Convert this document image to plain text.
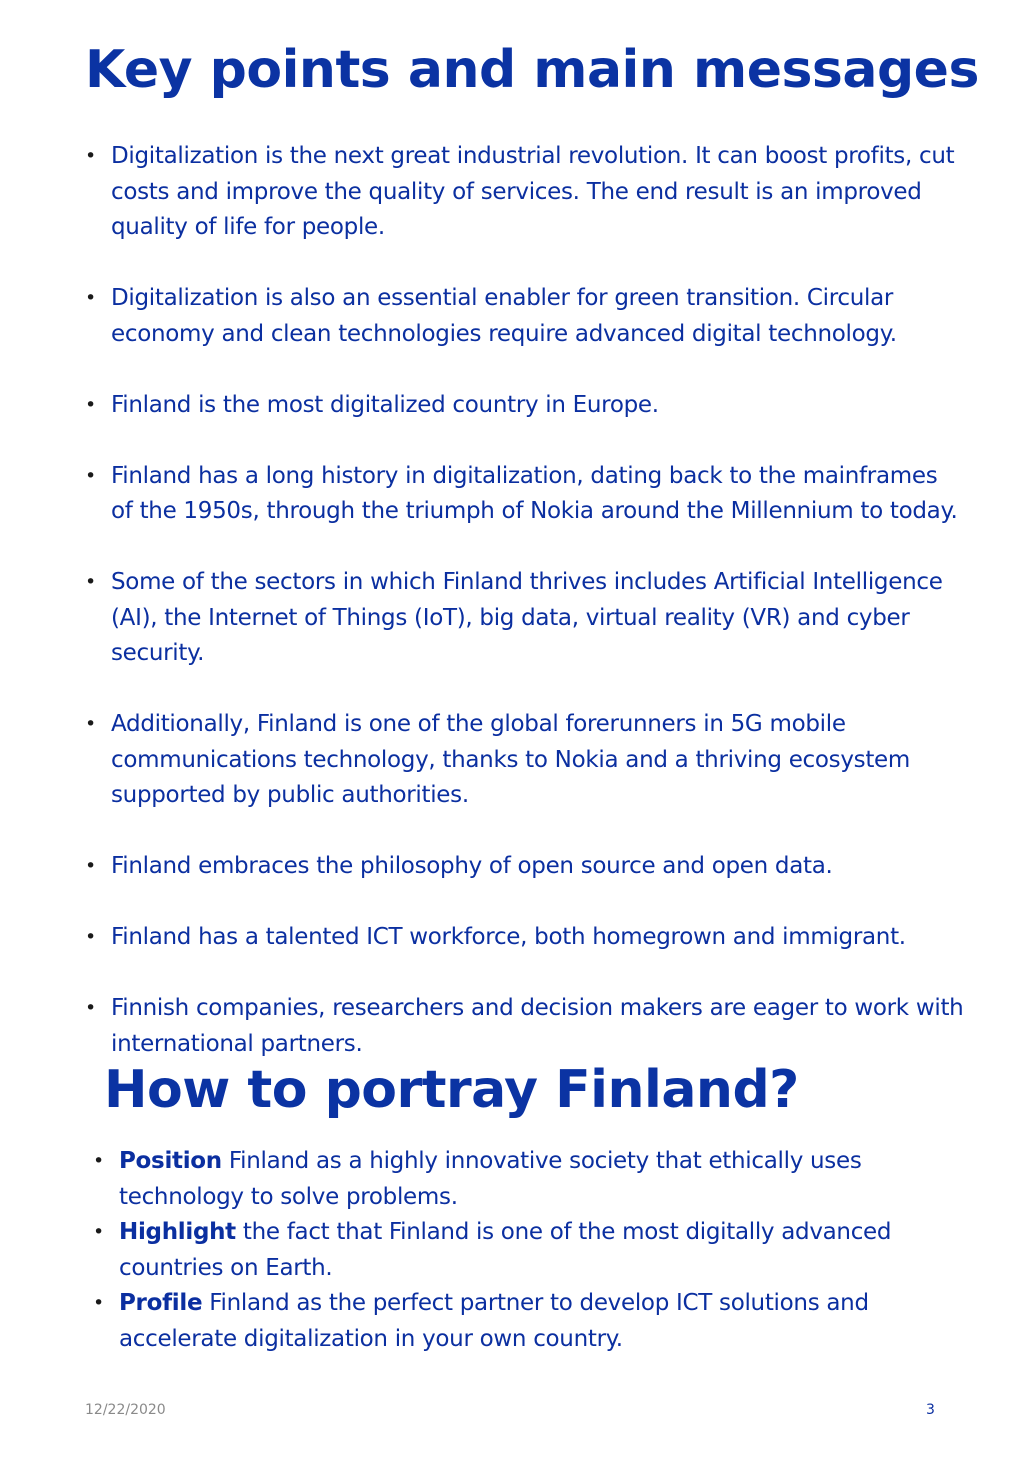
Key points and main messages
• Digitalization is the next great industrial revolution. It can boost profits, cut costs and improve the quality of services. The end result is an improved quality of life for people.
• Digitalization is also an essential enabler for green transition. Circular economy and clean technologies require advanced digital technology.
• Finland is the most digitalized country in Europe.
• Finland has a long history in digitalization, dating back to the mainframes of the 1950s, through the triumph of Nokia around the Millennium to today.
• Some of the sectors in which Finland thrives includes Artificial Intelligence (AI), the Internet of Things (IoT), big data, virtual reality (VR) and cyber security.
• Additionally, Finland is one of the global forerunners in 5G mobile communications technology, thanks to Nokia and a thriving ecosystem supported by public authorities.
• Finland embraces the philosophy of open source and open data.
• Finland has a talented ICT workforce, both homegrown and immigrant.
• Finnish companies, researchers and decision makers are eager to work with international partners.
How to portray Finland?
• Position Finland as a highly innovative society that ethically uses technology to solve problems.
• Highlight the fact that Finland is one of the most digitally advanced countries on Earth.
• Profile Finland as the perfect partner to develop ICT solutions and accelerate digitalization in your own country.
12/22/2020	3
